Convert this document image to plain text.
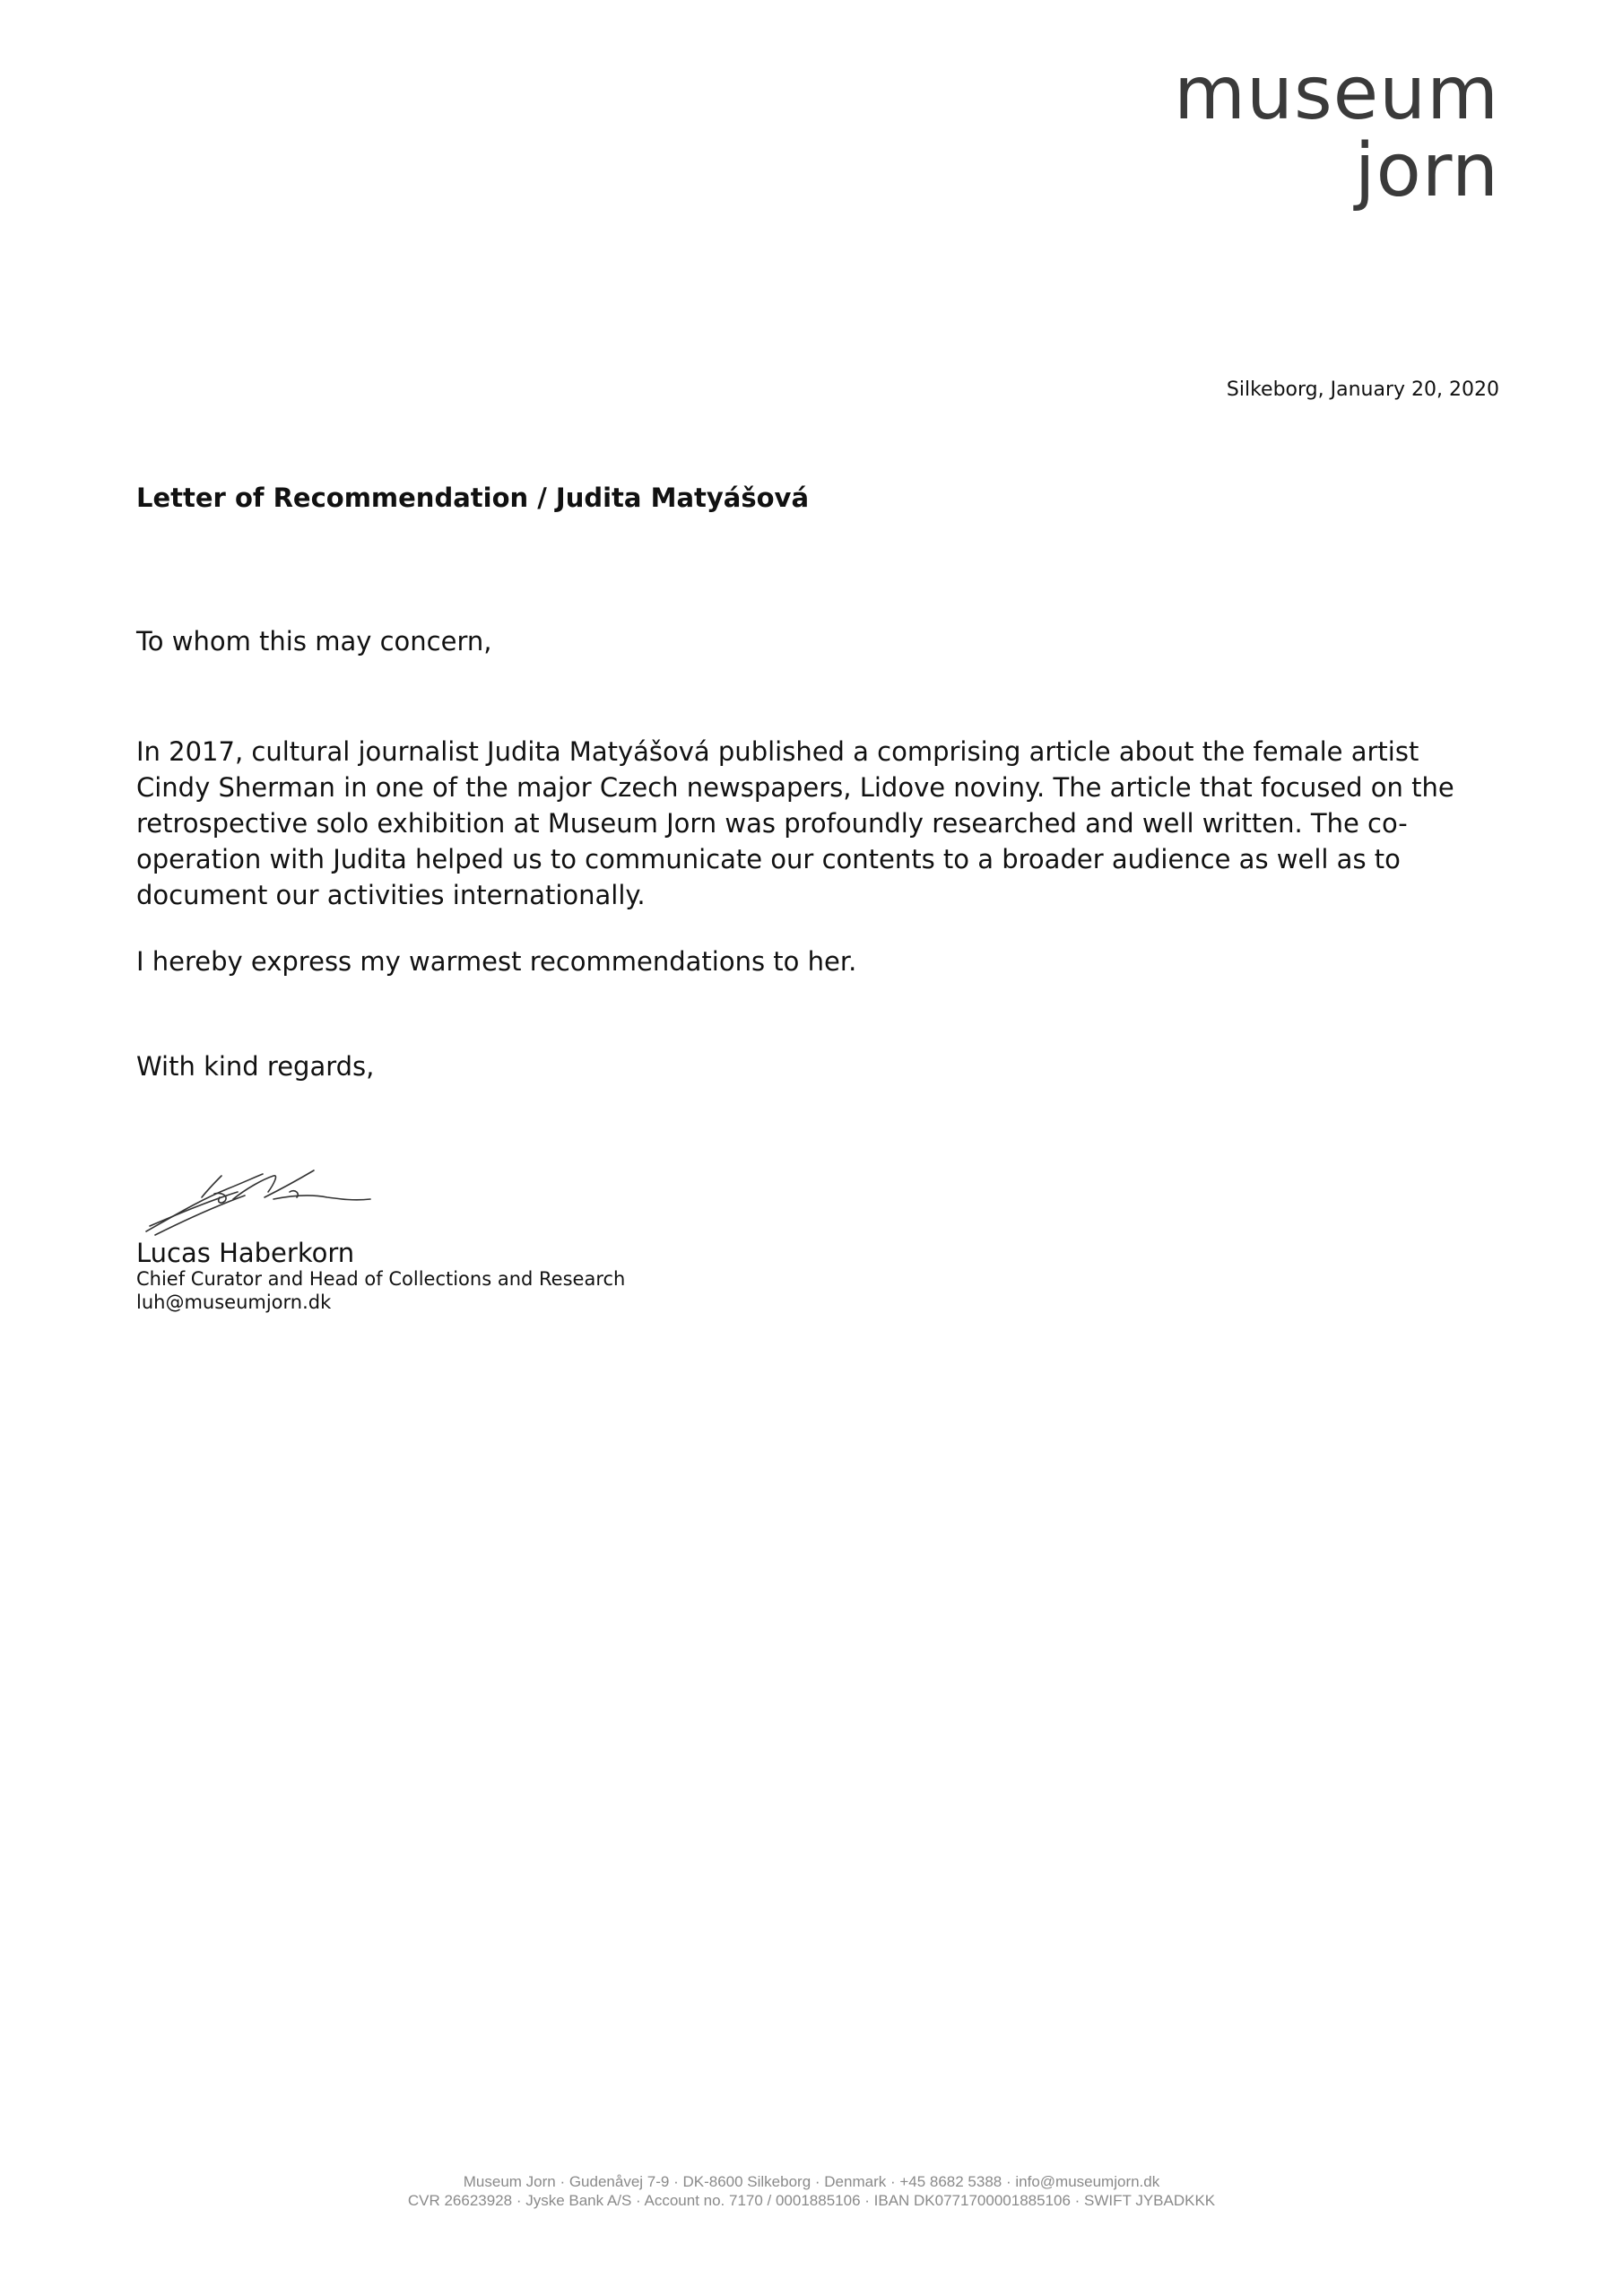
museum
jorn
Silkeborg, January 20, 2020
Letter of Recommendation / Judita Matyášová
To whom this may concern,
In 2017, cultural journalist Judita Matyášová published a comprising article about the female artist Cindy Sherman in one of the major Czech newspapers, Lidove noviny. The article that focused on the retrospective solo exhibition at Museum Jorn was profoundly researched and well written. The co-operation with Judita helped us to communicate our contents to a broader audience as well as to document our activities internationally.
I hereby express my warmest recommendations to her.
With kind regards,
Lucas Haberkorn
Chief Curator and Head of Collections and Research
luh@museumjorn.dk
Museum Jorn · Gudenåvej 7-9 · DK-8600 Silkeborg · Denmark · +45 8682 5388 · info@museumjorn.dk
CVR 26623928 · Jyske Bank A/S · Account no. 7170 / 0001885106 · IBAN DK0771700001885106 · SWIFT JYBADKKK
